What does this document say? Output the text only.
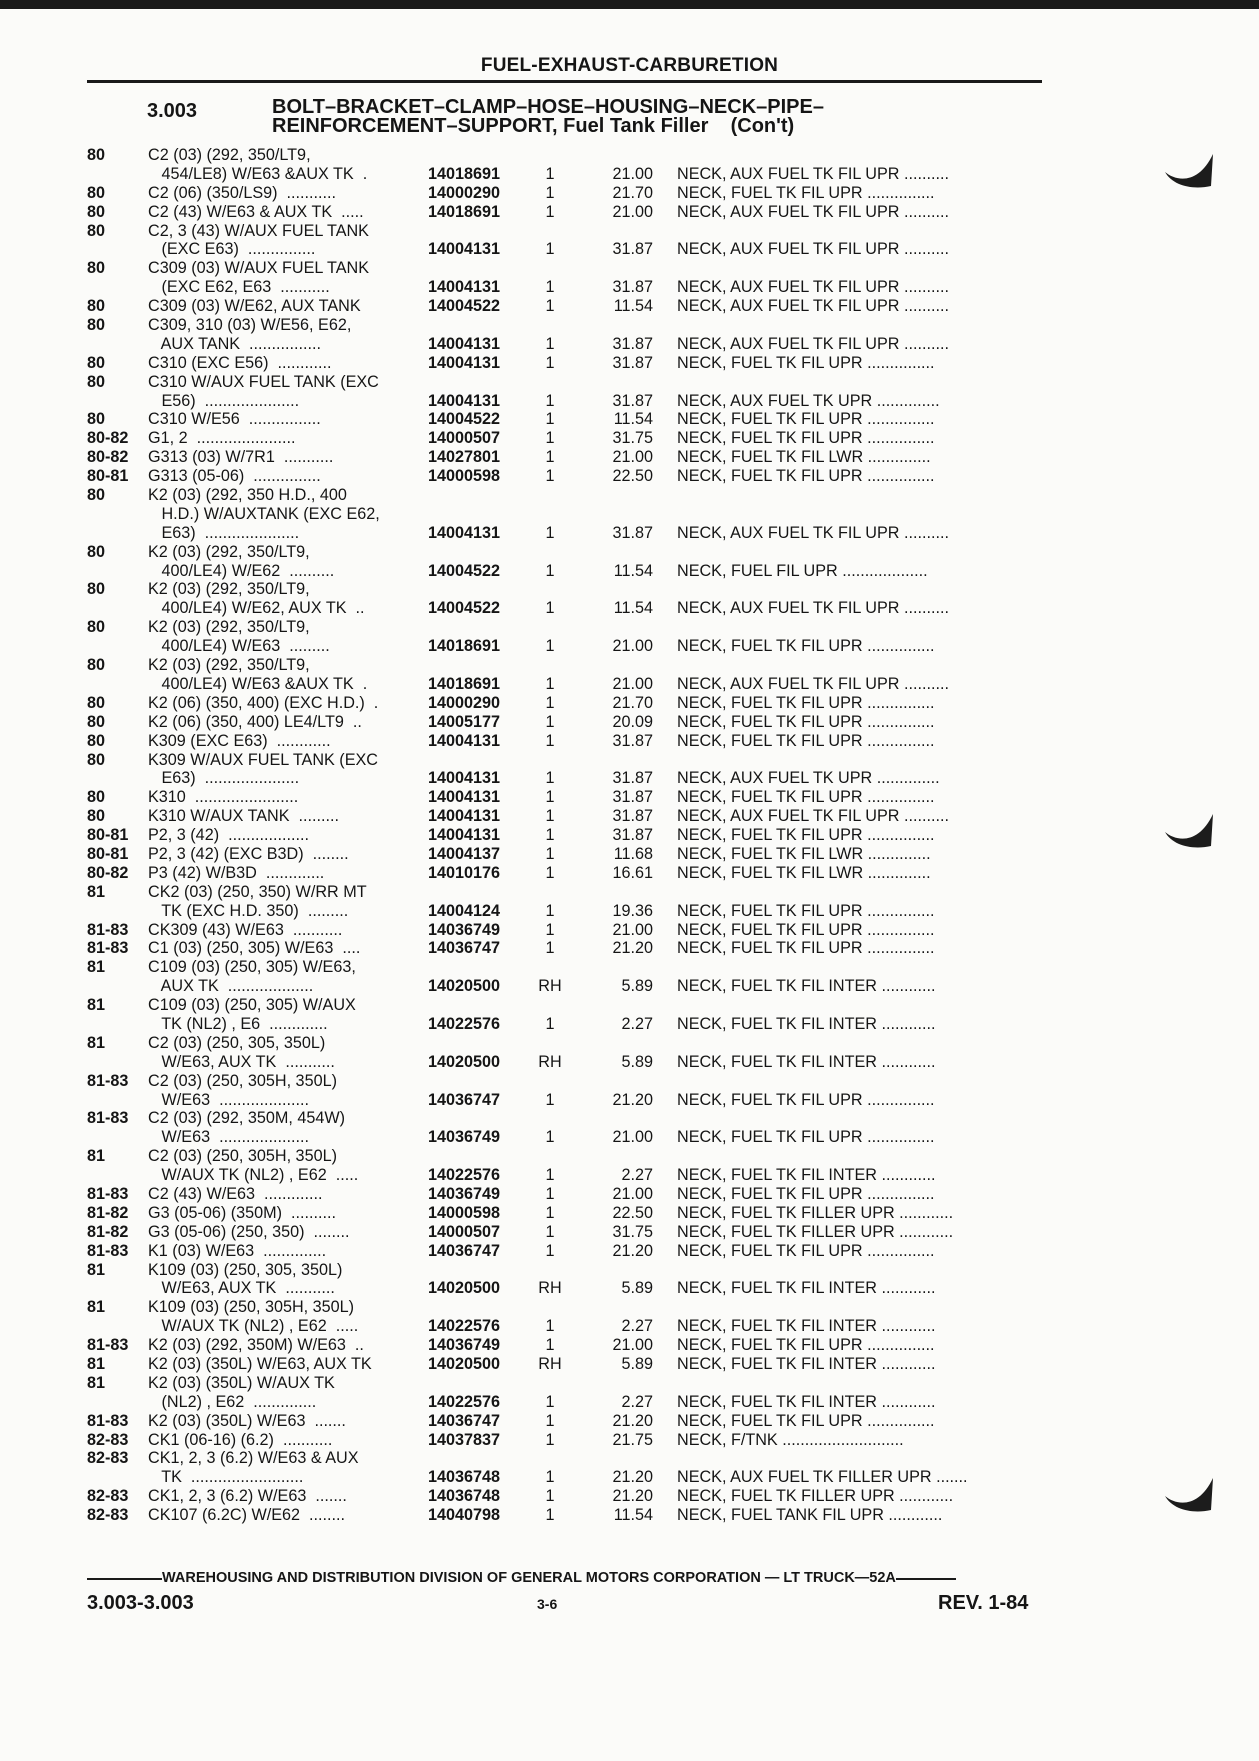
FUEL-EXHAUST-CARBURETION
3.003	BOLT–BRACKET–CLAMP–HOSE–HOUSING–NECK–PIPE–
REINFORCEMENT–SUPPORT, Fuel Tank Filler (Con't)
80	C2 (03) (292, 350/LT9,
454/LE8) W/E63 &AUX TK  .	14018691	1	21.00 NECK, AUX FUEL TK FIL UPR ..........
80	C2 (06) (350/LS9)  ...........	14000290	1	21.70 NECK, FUEL TK FIL UPR ...............
80	C2 (43) W/E63 & AUX TK  .....	14018691	1	21.00 NECK, AUX FUEL TK FIL UPR ..........
80	C2, 3 (43) W/AUX FUEL TANK
(EXC E63)  ...............	14004131	1	31.87 NECK, AUX FUEL TK FIL UPR ..........
80	C309 (03) W/AUX FUEL TANK
(EXC E62, E63  ...........	14004131	1	31.87 NECK, AUX FUEL TK FIL UPR ..........
80	C309 (03) W/E62, AUX TANK	14004522	1	11.54 NECK, AUX FUEL TK FIL UPR ..........
80	C309, 310 (03) W/E56, E62,
AUX TANK  ................	14004131	1	31.87 NECK, AUX FUEL TK FIL UPR ..........
80	C310 (EXC E56)  ............	14004131	1	31.87 NECK, FUEL TK FIL UPR ...............
80	C310 W/AUX FUEL TANK (EXC
E56)  .....................	14004131	1	31.87 NECK, AUX FUEL TK UPR ..............
80	C310 W/E56  ................	14004522	1	11.54 NECK, FUEL TK FIL UPR ...............
80-82 G1, 2  ......................	14000507	1	31.75 NECK, FUEL TK FIL UPR ...............
80-82 G313 (03) W/7R1  ...........	14027801	1	21.00 NECK, FUEL TK FIL LWR ..............
80-81 G313 (05-06)  ...............	14000598	1	22.50 NECK, FUEL TK FIL UPR ...............
80	K2 (03) (292, 350 H.D., 400
H.D.) W/AUXTANK (EXC E62,
E63)  .....................	14004131	1	31.87 NECK, AUX FUEL TK FIL UPR ..........
80	K2 (03) (292, 350/LT9,
400/LE4) W/E62  ..........	14004522	1	11.54 NECK, FUEL FIL UPR ...................
80	K2 (03) (292, 350/LT9,
400/LE4) W/E62, AUX TK  ..	14004522	1	11.54 NECK, AUX FUEL TK FIL UPR ..........
80	K2 (03) (292, 350/LT9,
400/LE4) W/E63  .........	14018691	1	21.00 NECK, FUEL TK FIL UPR ...............
80	K2 (03) (292, 350/LT9,
400/LE4) W/E63 &AUX TK  .	14018691	1	21.00 NECK, AUX FUEL TK FIL UPR ..........
80	K2 (06) (350, 400) (EXC H.D.)  .	14000290	1	21.70 NECK, FUEL TK FIL UPR ...............
80	K2 (06) (350, 400) LE4/LT9  ..	14005177	1	20.09 NECK, FUEL TK FIL UPR ...............
80	K309 (EXC E63)  ............	14004131	1	31.87 NECK, FUEL TK FIL UPR ...............
80	K309 W/AUX FUEL TANK (EXC
E63)  .....................	14004131	1	31.87 NECK, AUX FUEL TK UPR ..............
80	K310  .......................	14004131	1	31.87 NECK, FUEL TK FIL UPR ...............
80	K310 W/AUX TANK  .........	14004131	1	31.87 NECK, AUX FUEL TK FIL UPR ..........
80-81 P2, 3 (42)  ..................	14004131	1	31.87 NECK, FUEL TK FIL UPR ...............
80-81 P2, 3 (42) (EXC B3D)  ........	14004137	1	11.68 NECK, FUEL TK FIL LWR ..............
80-82 P3 (42) W/B3D  .............	14010176	1	16.61 NECK, FUEL TK FIL LWR ..............
81	CK2 (03) (250, 350) W/RR MT
TK (EXC H.D. 350)  .........	14004124	1	19.36 NECK, FUEL TK FIL UPR ...............
81-83 CK309 (43) W/E63  ...........	14036749	1	21.00 NECK, FUEL TK FIL UPR ...............
81-83 C1 (03) (250, 305) W/E63  ....	14036747	1	21.20 NECK, FUEL TK FIL UPR ...............
81	C109 (03) (250, 305) W/E63,
AUX TK  ...................	14020500 RH	5.89 NECK, FUEL TK FIL INTER ............
81	C109 (03) (250, 305) W/AUX
TK (NL2) , E6  .............	14022576	1	2.27 NECK, FUEL TK FIL INTER ............
81	C2 (03) (250, 305, 350L)
W/E63, AUX TK  ...........	14020500 RH	5.89 NECK, FUEL TK FIL INTER ............
81-83 C2 (03) (250, 305H, 350L)
W/E63  ....................	14036747	1	21.20 NECK, FUEL TK FIL UPR ...............
81-83 C2 (03) (292, 350M, 454W)
W/E63  ....................	14036749	1	21.00 NECK, FUEL TK FIL UPR ...............
81	C2 (03) (250, 305H, 350L)
W/AUX TK (NL2) , E62  .....	14022576	1	2.27 NECK, FUEL TK FIL INTER ............
81-83 C2 (43) W/E63  .............	14036749	1	21.00 NECK, FUEL TK FIL UPR ...............
81-82 G3 (05-06) (350M)  ..........	14000598	1	22.50 NECK, FUEL TK FILLER UPR ............
81-82 G3 (05-06) (250, 350)  ........	14000507	1	31.75 NECK, FUEL TK FILLER UPR ............
81-83 K1 (03) W/E63  ..............	14036747	1	21.20 NECK, FUEL TK FIL UPR ...............
81	K109 (03) (250, 305, 350L)
W/E63, AUX TK  ...........	14020500 RH	5.89 NECK, FUEL TK FIL INTER ............
81	K109 (03) (250, 305H, 350L)
W/AUX TK (NL2) , E62  .....	14022576	1	2.27 NECK, FUEL TK FIL INTER ............
81-83 K2 (03) (292, 350M) W/E63  ..	14036749	1	21.00 NECK, FUEL TK FIL UPR ...............
81	K2 (03) (350L) W/E63, AUX TK	14020500 RH	5.89 NECK, FUEL TK FIL INTER ............
81	K2 (03) (350L) W/AUX TK
(NL2) , E62  ..............	14022576	1	2.27 NECK, FUEL TK FIL INTER ............
81-83 K2 (03) (350L) W/E63  .......	14036747	1	21.20 NECK, FUEL TK FIL UPR ...............
82-83 CK1 (06-16) (6.2)  ...........	14037837	1	21.75 NECK, F/TNK ...........................
82-83 CK1, 2, 3 (6.2) W/E63 & AUX
TK  .........................	14036748	1	21.20 NECK, AUX FUEL TK FILLER UPR .......
82-83 CK1, 2, 3 (6.2) W/E63  .......	14036748	1	21.20 NECK, FUEL TK FILLER UPR ............
82-83 CK107 (6.2C) W/E62  ........	14040798	1	11.54 NECK, FUEL TANK FIL UPR ............
WAREHOUSING AND DISTRIBUTION DIVISION OF GENERAL MOTORS CORPORATION — LT TRUCK—52A
3.003-3.003	3-6	REV. 1-84
